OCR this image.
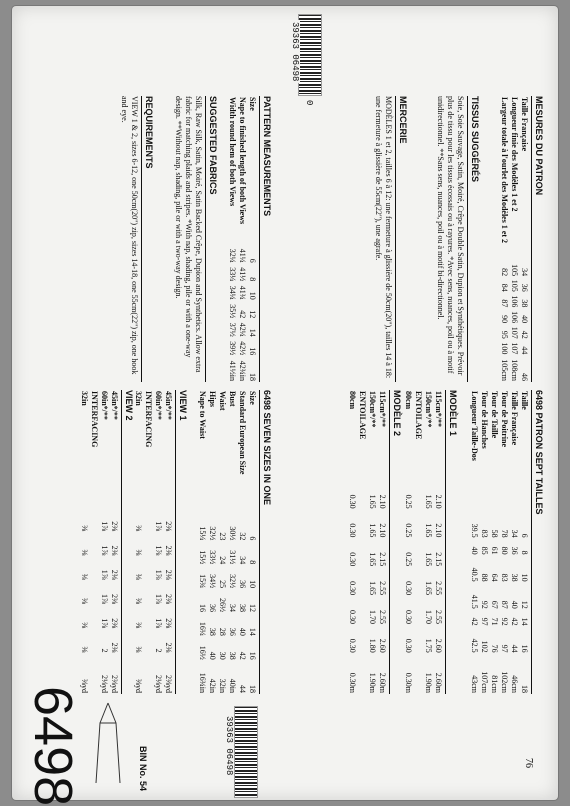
39363 06498
0
6498
6498 SEVEN SIZES IN ONE
Size	6	8	10	12	14	16	18
Standard European Size	32	34	36	38	40	42	44
Bust	30½	31½	32½	34	36	38	40in
Waist	23	24	25	26½	28	30	32in
Hips	32½	33½	34½	36	38	40	42in
Nape to Waist	15¼	15½	15¾	16	16¼	16½	16¾in
VIEW 1
45in*/**	2⅜	2⅜	2⅜	2⅜	2⅜	2⅜	2⅜yd
60in*/**	1⅞	1⅞	1⅞	1⅞	1⅞	2	2⅛yd
INTERFACING							
32in	⅜	⅜	⅜	⅜	⅜	⅜	⅜yd
VIEW 2
45in*/**	2⅜	2⅜	2⅜	2⅜	2⅜	2⅜	2⅜yd
60in*/**	1⅞	1⅞	1⅞	1⅞	1⅞	2	2⅛yd
INTERFACING							
32in	⅜	⅜	⅜	⅜	⅜	⅜	⅜yd
PATTERN MEASUREMENTS
Size	6	8	10	12	14	16	18
Nape to finished length of both Views	41¼	41½	41¾	42	42¼	42½	42¾in
Width round hem of both Views	32¼	33¼	34¼	35½	37½	39½	41½in
SUGGESTED FABRICS
Silk, Raw Silk, Satin, Moiré, Satin Backed Crêpe, Dupion and Synthetics. Allow extra fabric for matching plaids and stripes. *With nap, shading, pile or with a one-way design. **Without nap, shading, pile or with a two-way design.
REQUIREMENTS
VIEW 1 & 2, sizes 6-12, one 50cm(20") zip, sizes 14-18, one 55cm(22") zip, one hook and eye.
6498 PATRON SEPT TAILLES
Taille	6	8	10	12	14	16	18
Taille Française	34	36	38	40	42	44	46cm
Tour de Poitrine	78	80	83	87	92	97	102cm
Tour de Taille	58	61	64	67	71	76	81cm
Tour de Hanches	83	85	88	92	97	102	107cm
Longueur Taille-Dos	39.5	40	40.5	41.5	42	42.5	43cm
MODÈLE 1
115cm*/**	2.10	2.10	2.15	2.55	2.55	2.60	2.60m
150cm*/**	1.65	1.65	1.65	1.65	1.70	1.75	1.90m
ENTOILAGE							
80cm	0.25	0.25	0.25	0.30	0.30	0.30	0.30m
MODÈLE 2
115cm*/**	2.10	2.10	2.15	2.55	2.55	2.60	2.60m
150cm*/**	1.65	1.65	1.65	1.65	1.70	1.80	1.90m
ENTOILAGE							
80cm	0.30	0.30	0.30	0.30	0.30	0.30	0.30m
MESURES DU PATRON
Taille Française	34	36	38	40	42	44	46
Longueur finie des Modèles 1 et 2	105	105	106	106	107	107	108cm
Largeur totale à l'ourlet des Modèles 1 et 2	82	84	87	90	95	100	105cm
TISSUS SUGGÉRÉS
Soie, Soie Sauvage, Satin, Moiré, Crêpe Double Satin, Dupion et Synthétiques. Prévoir plus de tissu pour les tissus écossais ou à rayures. *Avec sens, nuances, poil ou à motif unidirectionnel. **Sans sens, nuances, poil ou à motif bi-directionnel.
MERCERIE
MODÈLES 1 et 2, tailles 6 à 12: une fermeture à glissière de 50cm(20"), tailles 14 à 18: une fermeture à glissière de 55cm(22"), une agrafe.
39363 06498
BIN No. 54	76
